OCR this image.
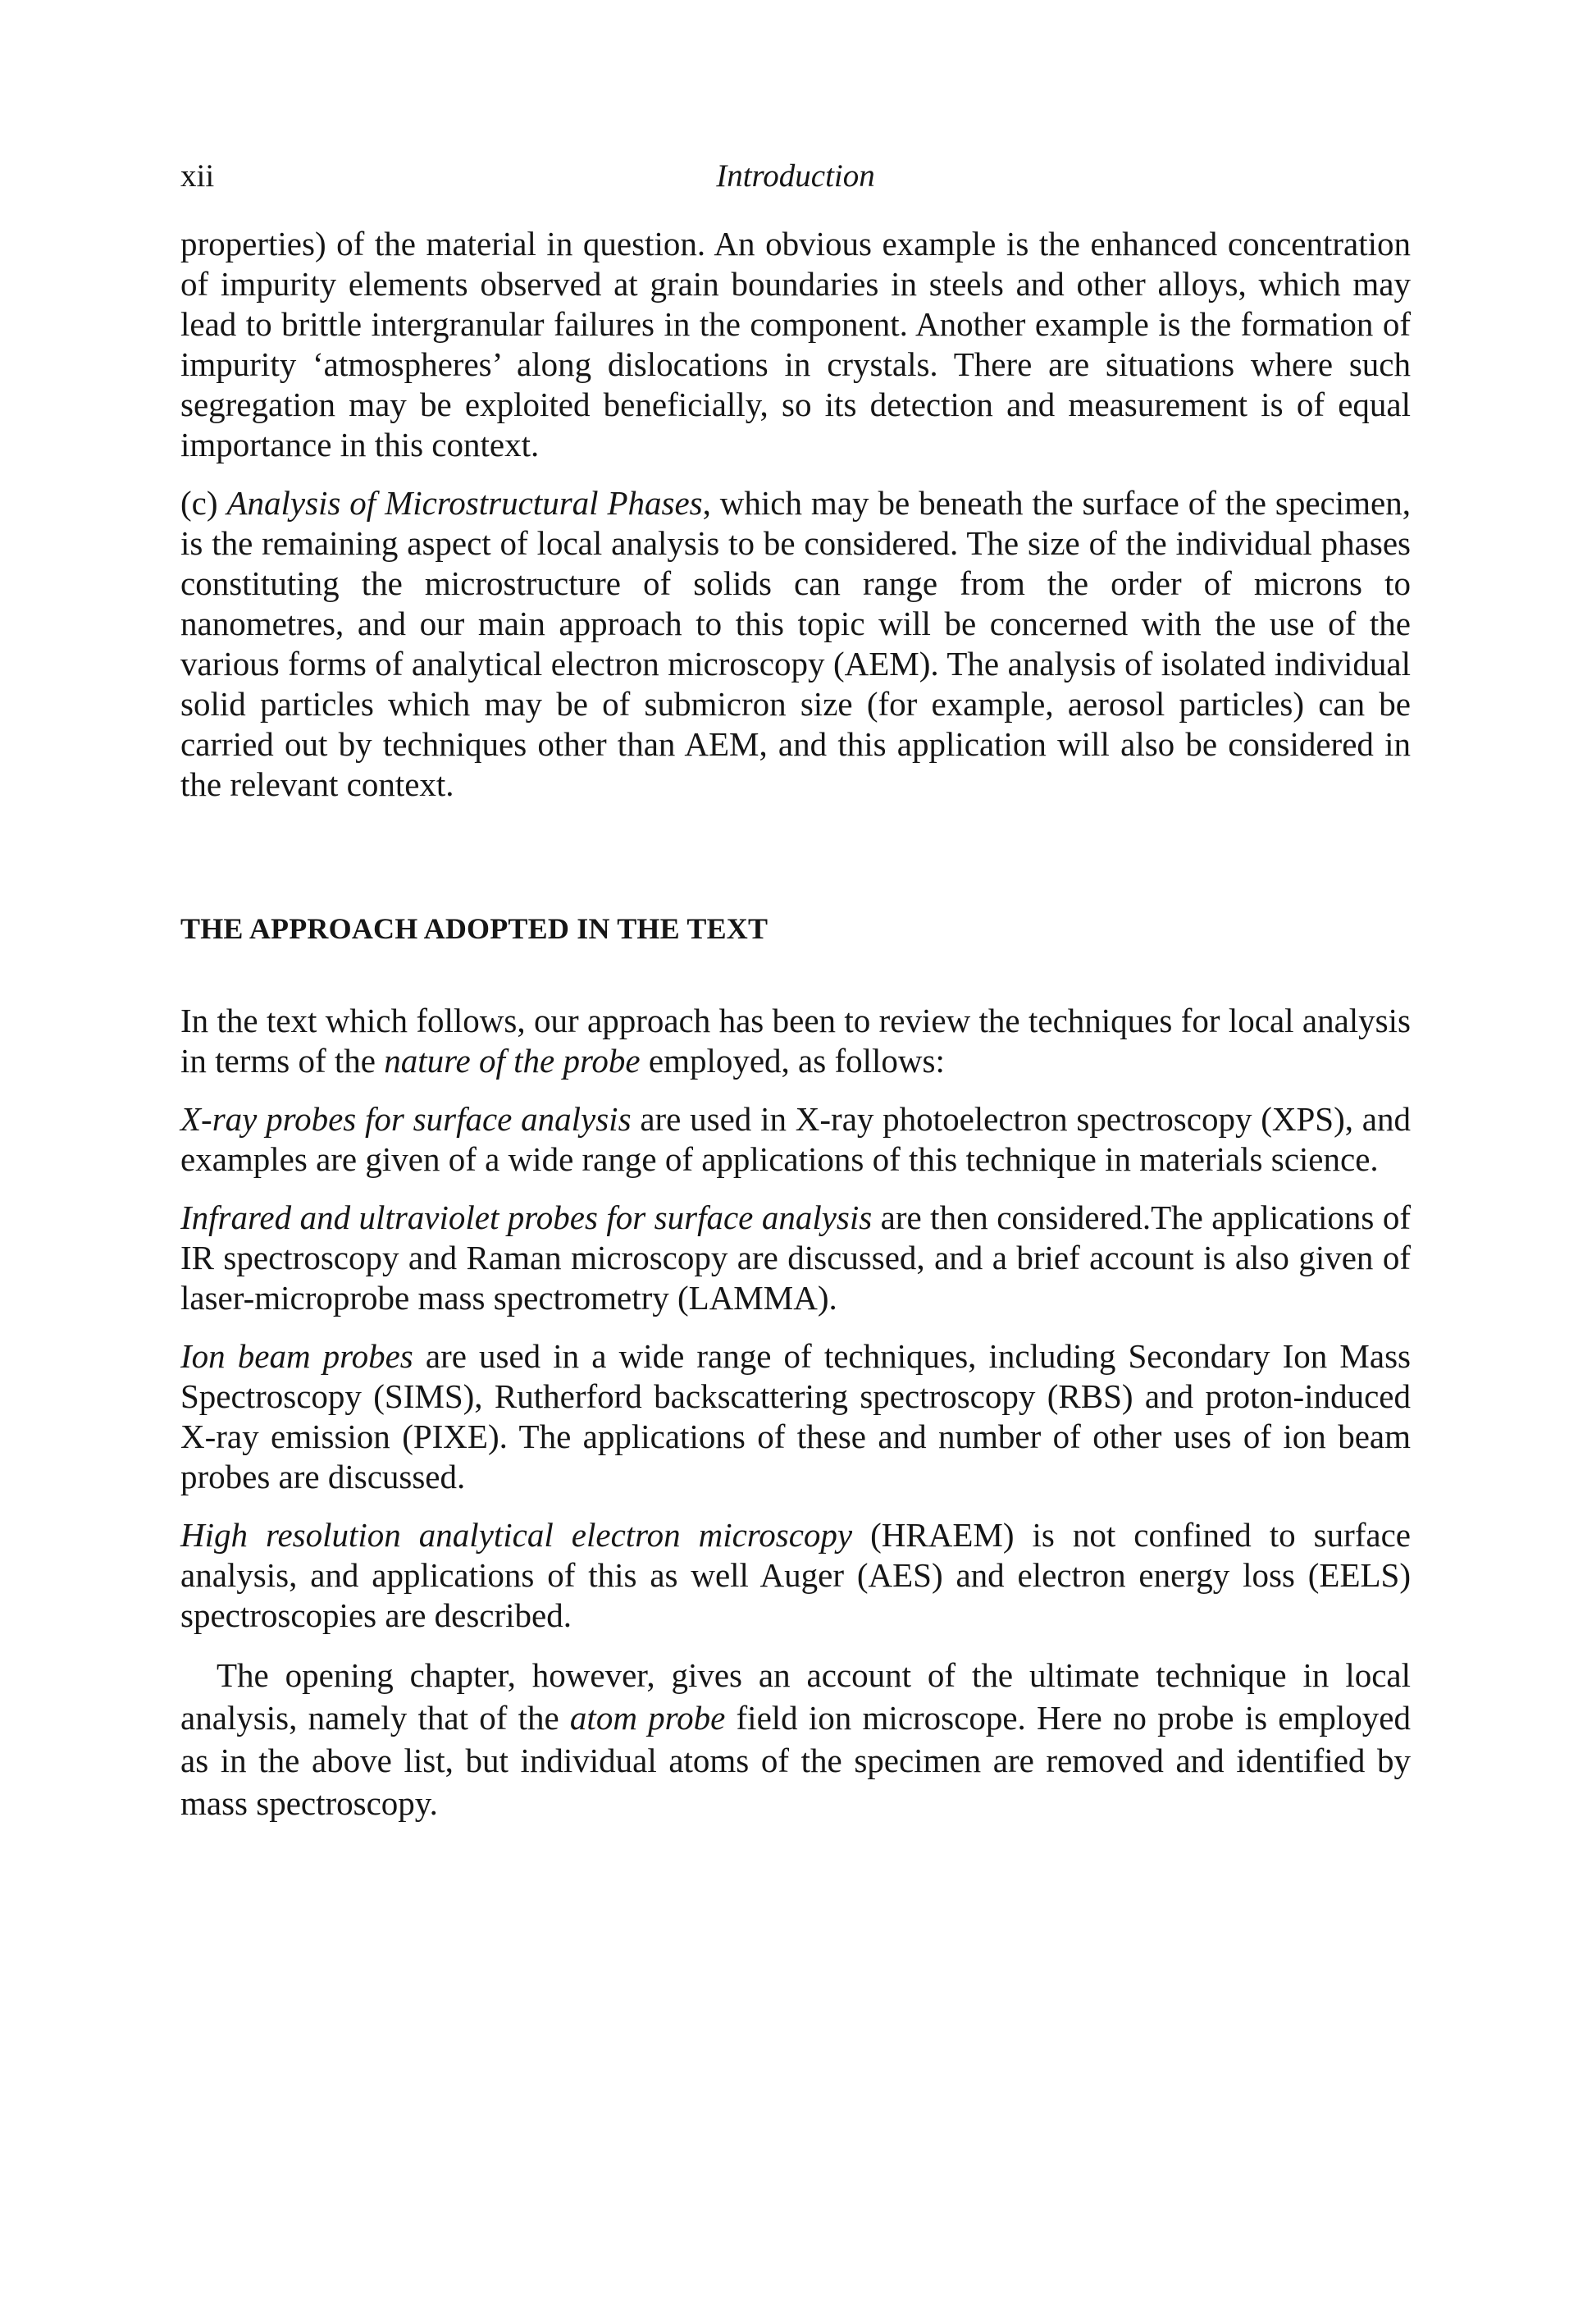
xii	Introduction

properties) of the material in question. An obvious example is the enhanced concentration of impurity elements observed at grain boundaries in steels and other alloys, which may lead to brittle intergranular failures in the component. Another example is the formation of impurity ‘atmospheres’ along dislocations in crystals. There are situations where such segregation may be exploited beneficially, so its detection and measurement is of equal importance in this context.

(c) Analysis of Microstructural Phases, which may be beneath the surface of the specimen, is the remaining aspect of local analysis to be considered. The size of the individual phases constituting the microstructure of solids can range from the order of microns to nanometres, and our main approach to this topic will be concerned with the use of the various forms of analytical electron microscopy (AEM). The analysis of isolated individual solid particles which may be of submicron size (for example, aerosol particles) can be carried out by techniques other than AEM, and this application will also be considered in the relevant context.

THE APPROACH ADOPTED IN THE TEXT

In the text which follows, our approach has been to review the techniques for local analysis in terms of the nature of the probe employed, as follows:

X-ray probes for surface analysis are used in X-ray photoelectron spectroscopy (XPS), and examples are given of a wide range of applications of this technique in materials science.

Infrared and ultraviolet probes for surface analysis are then considered.The applications of IR spectroscopy and Raman microscopy are discussed, and a brief account is also given of laser-microprobe mass spectrometry (LAMMA).

Ion beam probes are used in a wide range of techniques, including Secondary Ion Mass Spectroscopy (SIMS), Rutherford backscattering spectroscopy (RBS) and proton-induced X-ray emission (PIXE). The applications of these and number of other uses of ion beam probes are discussed.

High resolution analytical electron microscopy (HRAEM) is not confined to surface analysis, and applications of this as well Auger (AES) and electron energy loss (EELS) spectroscopies are described.

The opening chapter, however, gives an account of the ultimate technique in local analysis, namely that of the atom probe field ion microscope. Here no probe is employed as in the above list, but individual atoms of the specimen are removed and identified by mass spectroscopy.
